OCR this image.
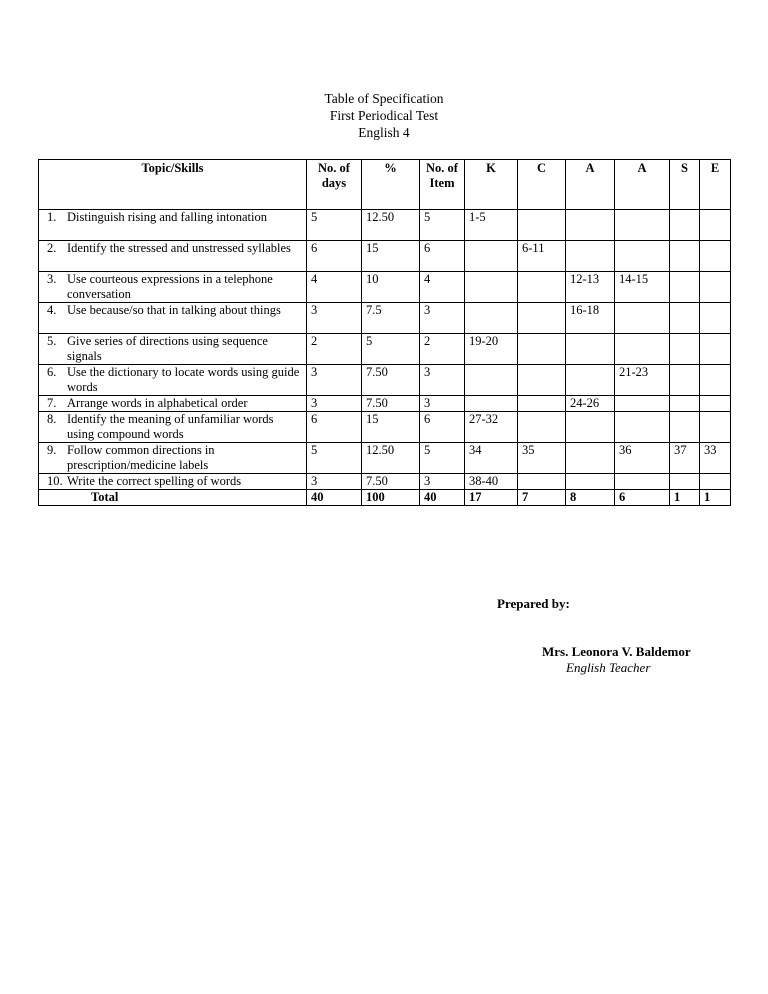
Table of Specification
First Periodical Test
English 4
Topic/Skills	No. of days	%	No. of Item	K	C	A	A	S	E
1. Distinguish rising and falling intonation	5	12.50	5	1-5					
2. Identify the stressed and unstressed syllables	6	15	6		6-11				
3. Use courteous expressions in a telephone conversation	4	10	4			12-13	14-15		
4. Use because/so that in talking about things	3	7.5	3			16-18			
5. Give series of directions using sequence signals	2	5	2	19-20					
6. Use the dictionary to locate words using guide words	3	7.50	3				21-23		
7. Arrange words in alphabetical order	3	7.50	3			24-26			
8. Identify the meaning of unfamiliar words using compound words	6	15	6	27-32					
9. Follow common directions in prescription/medicine labels	5	12.50	5	34	35		36	37	33
10. Write the correct spelling of words	3	7.50	3	38-40					
Total	40	100	40	17	7	8	6	1	1
Prepared by:
Mrs. Leonora V. Baldemor
English Teacher
